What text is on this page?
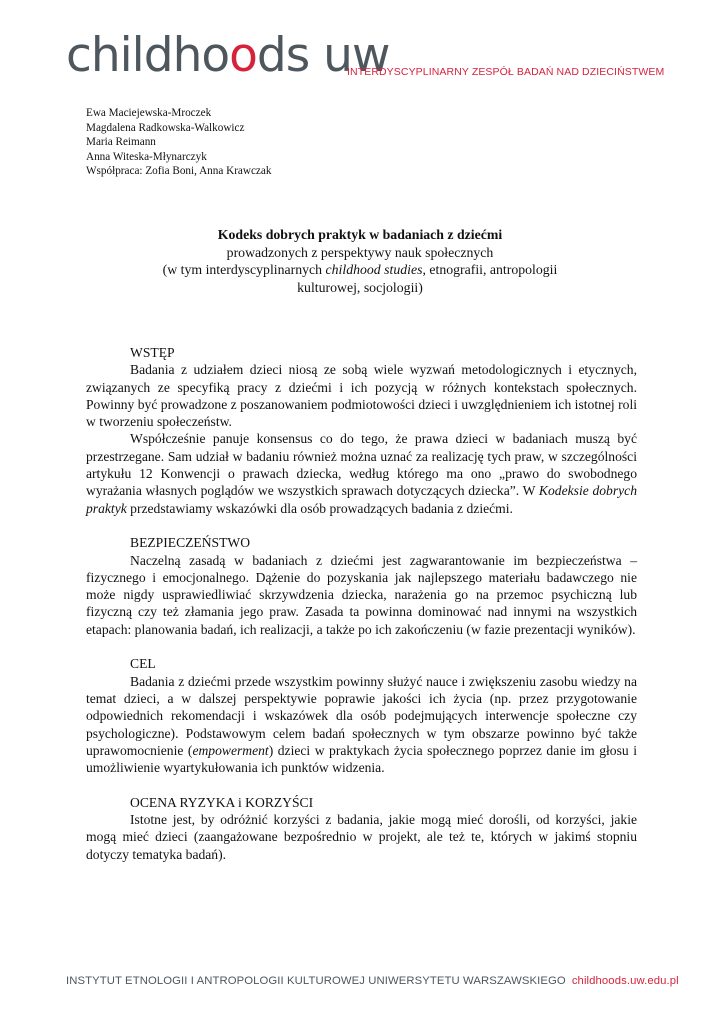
childhoods uw
INTERDYSCYPLINARNY ZESPÓŁ BADAŃ NAD DZIECIŃSTWEM
Ewa Maciejewska-Mroczek
Magdalena Radkowska-Walkowicz
Maria Reimann
Anna Witeska-Młynarczyk
Współpraca: Zofia Boni, Anna Krawczak
Kodeks dobrych praktyk w badaniach z dziećmi
prowadzonych z perspektywy nauk społecznych
(w tym interdyscyplinarnych childhood studies, etnografii, antropologii
kulturowej, socjologii)
WSTĘP

Badania z udziałem dzieci niosą ze sobą wiele wyzwań metodologicznych i etycznych, związanych ze specyfiką pracy z dziećmi i ich pozycją w różnych kontekstach społecznych. Powinny być prowadzone z poszanowaniem podmiotowości dzieci i uwzględnieniem ich istotnej roli w tworzeniu społeczeństw.

Współcześnie panuje konsensus co do tego, że prawa dzieci w badaniach muszą być przestrzegane. Sam udział w badaniu również można uznać za realizację tych praw, w szczególności artykułu 12 Konwencji o prawach dziecka, według którego ma ono „prawo do swobodnego wyrażania własnych poglądów we wszystkich sprawach dotyczących dziecka”. W Kodeksie dobrych praktyk przedstawiamy wskazówki dla osób prowadzących badania z dziećmi.

BEZPIECZEŃSTWO

Naczelną zasadą w badaniach z dziećmi jest zagwarantowanie im bezpieczeństwa – fizycznego i emocjonalnego. Dążenie do pozyskania jak najlepszego materiału badawczego nie może nigdy usprawiedliwiać skrzywdzenia dziecka, narażenia go na przemoc psychiczną lub fizyczną czy też złamania jego praw. Zasada ta powinna dominować nad innymi na wszystkich etapach: planowania badań, ich realizacji, a także po ich zakończeniu (w fazie prezentacji wyników).

CEL

Badania z dziećmi przede wszystkim powinny służyć nauce i zwiększeniu zasobu wiedzy na temat dzieci, a w dalszej perspektywie poprawie jakości ich życia (np. przez przygotowanie odpowiednich rekomendacji i wskazówek dla osób podejmujących interwencje społeczne czy psychologiczne). Podstawowym celem badań społecznych w tym obszarze powinno być także uprawomocnienie (empowerment) dzieci w praktykach życia społecznego poprzez danie im głosu i umożliwienie wyartykułowania ich punktów widzenia.

OCENA RYZYKA i KORZYŚCI

Istotne jest, by odróżnić korzyści z badania, jakie mogą mieć dorośli, od korzyści, jakie mogą mieć dzieci (zaangażowane bezpośrednio w projekt, ale też te, których w jakimś stopniu dotyczy tematyka badań).

INSTYTUT ETNOLOGII I ANTROPOLOGII KULTUROWEJ UNIWERSYTETU WARSZAWSKIEGO childhoods.uw.edu.pl
